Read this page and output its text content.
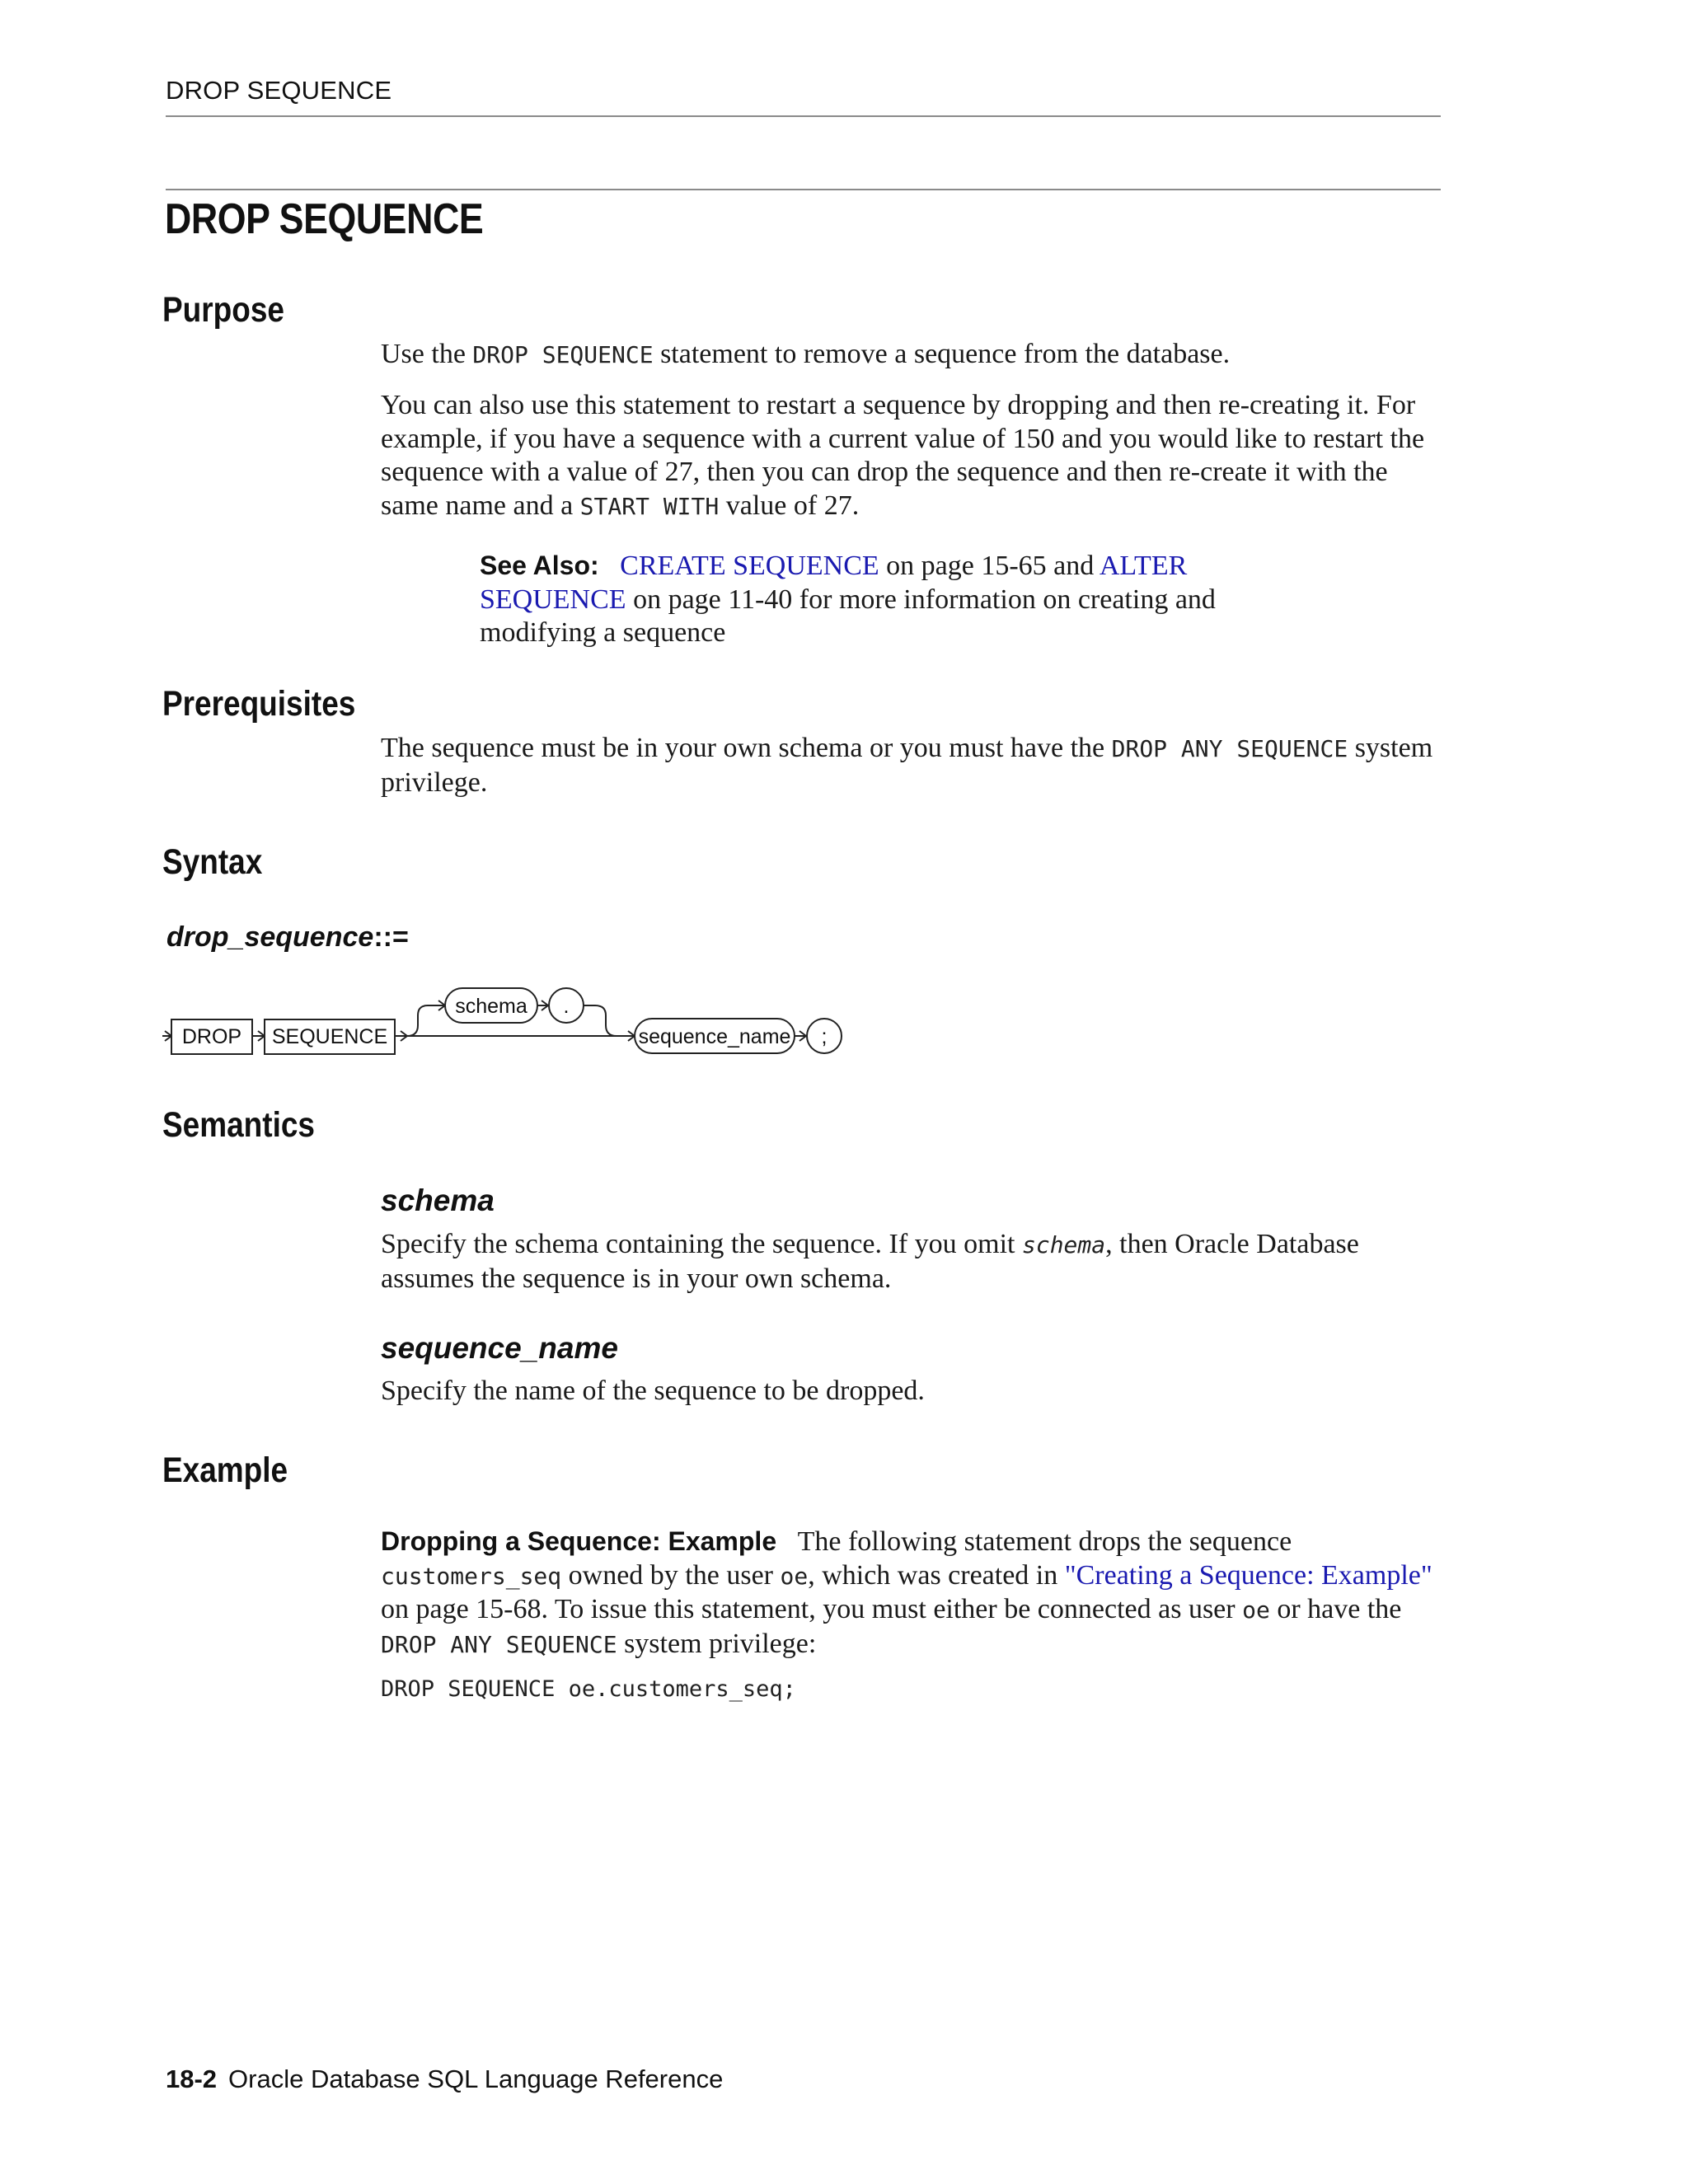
DROP SEQUENCE
DROP SEQUENCE
Purpose
Use the DROP SEQUENCE statement to remove a sequence from the database.
You can also use this statement to restart a sequence by dropping and then re-creating it. For example, if you have a sequence with a current value of 150 and you would like to restart the sequence with a value of 27, then you can drop the sequence and then re-create it with the same name and a START WITH value of 27.
See Also: CREATE SEQUENCE on page 15-65 and ALTER SEQUENCE on page 11-40 for more information on creating and modifying a sequence
Prerequisites
The sequence must be in your own schema or you must have the DROP ANY SEQUENCE system privilege.
Syntax
drop_sequence::=
DROP SEQUENCE
schema .
sequence_name ;
Semantics
schema
Specify the schema containing the sequence. If you omit schema, then Oracle Database assumes the sequence is in your own schema.
sequence_name
Specify the name of the sequence to be dropped.
Example
Dropping a Sequence: Example The following statement drops the sequence customers_seq owned by the user oe, which was created in "Creating a Sequence: Example" on page 15-68. To issue this statement, you must either be connected as user oe or have the DROP ANY SEQUENCE system privilege:
DROP SEQUENCE oe.customers_seq;
18-2 Oracle Database SQL Language Reference
